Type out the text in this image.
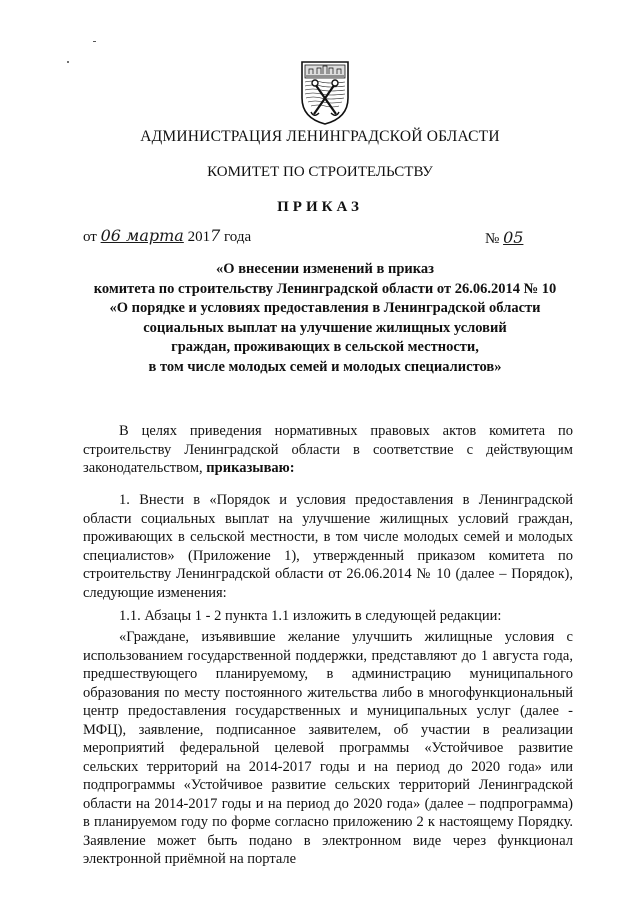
АДМИНИСТРАЦИЯ ЛЕНИНГРАДСКОЙ ОБЛАСТИ
КОМИТЕТ ПО СТРОИТЕЛЬСТВУ
ПРИКАЗ
от 06 марта 2017 года	№ 05
«О внесении изменений в приказ
комитета по строительству Ленинградской области от 26.06.2014 № 10
«О порядке и условиях предоставления в Ленинградской области
социальных выплат на улучшение жилищных условий
граждан, проживающих в сельской местности,
в том числе молодых семей и молодых специалистов»
В целях приведения нормативных правовых актов комитета по строительству Ленинградской области в соответствие с действующим законодательством, приказываю:
1. Внести в «Порядок и условия предоставления в Ленинградской области социальных выплат на улучшение жилищных условий граждан, проживающих в сельской местности, в том числе молодых семей и молодых специалистов» (Приложение 1), утвержденный приказом комитета по строительству Ленинградской области от 26.06.2014 № 10 (далее – Порядок), следующие изменения:
1.1. Абзацы 1 - 2 пункта 1.1 изложить в следующей редакции:
«Граждане, изъявившие желание улучшить жилищные условия с использованием государственной поддержки, представляют до 1 августа года, предшествующего планируемому, в администрацию муниципального образования по месту постоянного жительства либо в многофункциональный центр предоставления государственных и муниципальных услуг (далее - МФЦ), заявление, подписанное заявителем, об участии в реализации мероприятий федеральной целевой программы «Устойчивое развитие сельских территорий на 2014-2017 годы и на период до 2020 года» или подпрограммы «Устойчивое развитие сельских территорий Ленинградской области на 2014-2017 годы и на период до 2020 года» (далее – подпрограмма) в планируемом году по форме согласно приложению 2 к настоящему Порядку. Заявление может быть подано в электронном виде через функционал электронной приёмной на портале
